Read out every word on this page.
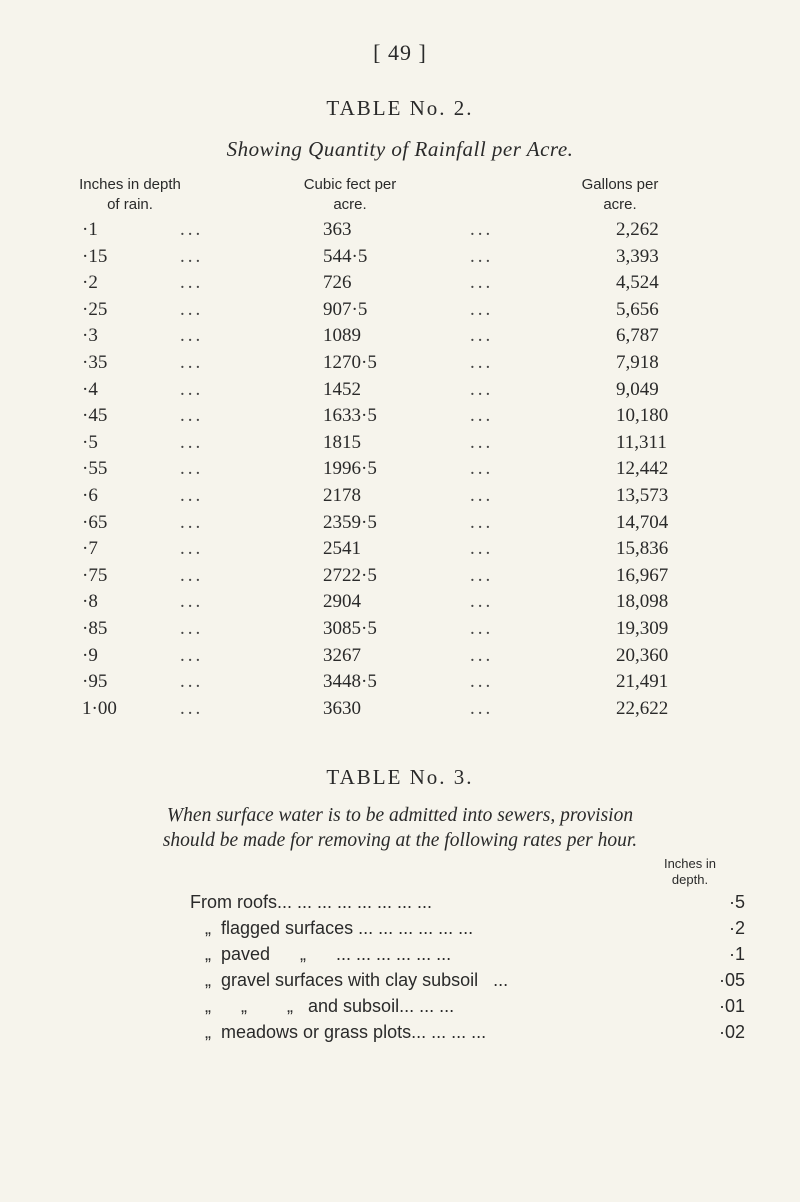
[ 49 ]
TABLE No. 2.
Showing Quantity of Rainfall per Acre.
Inches in depth
of rain.
Cubic fect per
acre.
Gallons per
acre.
·1	...	363	...	2,262
·15	...	544·5	...	3,393
·2	...	726	...	4,524
·25	...	907·5	...	5,656
·3	...	1089	...	6,787
·35	...	1270·5	...	7,918
·4	...	1452	...	9,049
·45	...	1633·5	...	10,180
·5	...	1815	...	11,311
·55	...	1996·5	...	12,442
·6	...	2178	...	13,573
·65	...	2359·5	...	14,704
·7	...	2541	...	15,836
·75	...	2722·5	...	16,967
·8	...	2904	...	18,098
·85	...	3085·5	...	19,309
·9	...	3267	...	20,360
·95	...	3448·5	...	21,491
1·00	...	3630	...	22,622
TABLE No. 3.
When surface water is to be admitted into sewers, provision
should be made for removing at the following rates per hour.
Inches in
depth.
From roofs... ... ... ... ... ... ... ...	·5
„  flagged surfaces ... ... ... ... ... ...	·2
„  paved      „      ... ... ... ... ... ...	·1
„  gravel surfaces with clay subsoil   ...	·05
„      „        „   and subsoil... ... ...	·01
„  meadows or grass plots... ... ... ...	·02
